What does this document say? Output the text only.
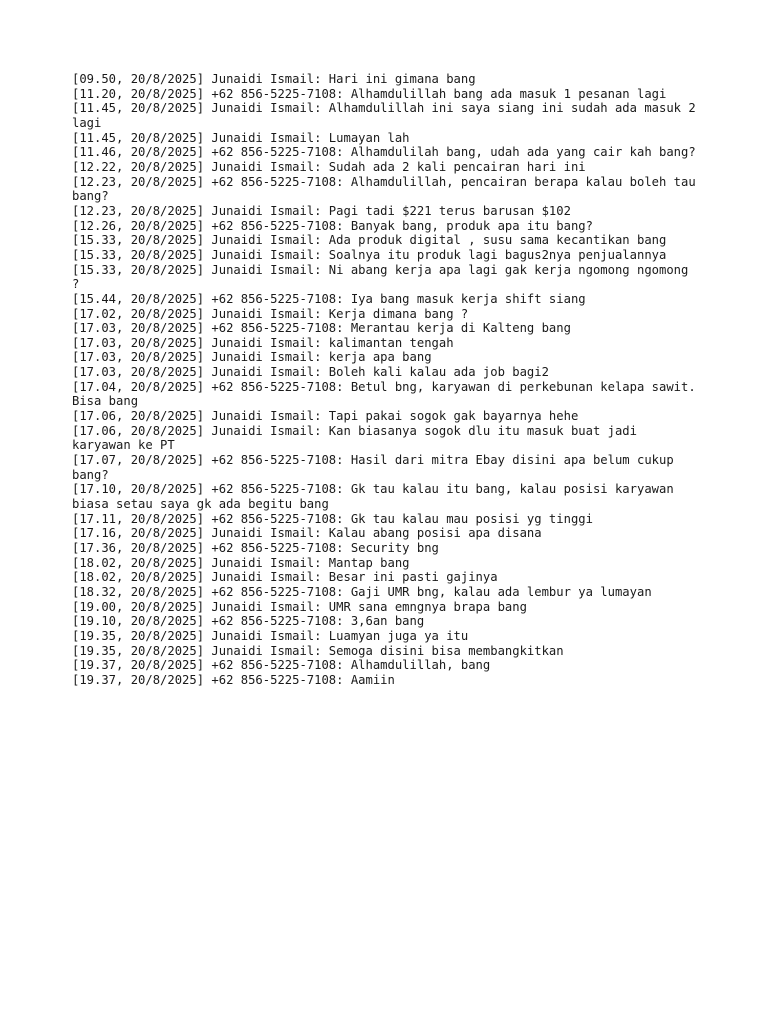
[09.50, 20/8/2025] Junaidi Ismail: Hari ini gimana bang
[11.20, 20/8/2025] +62 856-5225-7108: Alhamdulillah bang ada masuk 1 pesanan lagi
[11.45, 20/8/2025] Junaidi Ismail: Alhamdulillah ini saya siang ini sudah ada masuk 2 lagi
[11.45, 20/8/2025] Junaidi Ismail: Lumayan lah
[11.46, 20/8/2025] +62 856-5225-7108: Alhamdulilah bang, udah ada yang cair kah bang?
[12.22, 20/8/2025] Junaidi Ismail: Sudah ada 2 kali pencairan hari ini
[12.23, 20/8/2025] +62 856-5225-7108: Alhamdulillah, pencairan berapa kalau boleh tau bang?
[12.23, 20/8/2025] Junaidi Ismail: Pagi tadi $221 terus barusan $102
[12.26, 20/8/2025] +62 856-5225-7108: Banyak bang, produk apa itu bang?
[15.33, 20/8/2025] Junaidi Ismail: Ada produk digital , susu sama kecantikan bang
[15.33, 20/8/2025] Junaidi Ismail: Soalnya itu produk lagi bagus2nya penjualannya
[15.33, 20/8/2025] Junaidi Ismail: Ni abang kerja apa lagi gak kerja ngomong ngomong ?
[15.44, 20/8/2025] +62 856-5225-7108: Iya bang masuk kerja shift siang
[17.02, 20/8/2025] Junaidi Ismail: Kerja dimana bang ?
[17.03, 20/8/2025] +62 856-5225-7108: Merantau kerja di Kalteng bang
[17.03, 20/8/2025] Junaidi Ismail: kalimantan tengah
[17.03, 20/8/2025] Junaidi Ismail: kerja apa bang
[17.03, 20/8/2025] Junaidi Ismail: Boleh kali kalau ada job bagi2
[17.04, 20/8/2025] +62 856-5225-7108: Betul bng, karyawan di perkebunan kelapa sawit. Bisa bang
[17.06, 20/8/2025] Junaidi Ismail: Tapi pakai sogok gak bayarnya hehe
[17.06, 20/8/2025] Junaidi Ismail: Kan biasanya sogok dlu itu masuk buat jadi karyawan ke PT
[17.07, 20/8/2025] +62 856-5225-7108: Hasil dari mitra Ebay disini apa belum cukup bang?
[17.10, 20/8/2025] +62 856-5225-7108: Gk tau kalau itu bang, kalau posisi karyawan biasa setau saya gk ada begitu bang
[17.11, 20/8/2025] +62 856-5225-7108: Gk tau kalau mau posisi yg tinggi
[17.16, 20/8/2025] Junaidi Ismail: Kalau abang posisi apa disana
[17.36, 20/8/2025] +62 856-5225-7108: Security bng
[18.02, 20/8/2025] Junaidi Ismail: Mantap bang
[18.02, 20/8/2025] Junaidi Ismail: Besar ini pasti gajinya
[18.32, 20/8/2025] +62 856-5225-7108: Gaji UMR bng, kalau ada lembur ya lumayan
[19.00, 20/8/2025] Junaidi Ismail: UMR sana emngnya brapa bang
[19.10, 20/8/2025] +62 856-5225-7108: 3,6an bang
[19.35, 20/8/2025] Junaidi Ismail: Luamyan juga ya itu
[19.35, 20/8/2025] Junaidi Ismail: Semoga disini bisa membangkitkan
[19.37, 20/8/2025] +62 856-5225-7108: Alhamdulillah, bang
[19.37, 20/8/2025] +62 856-5225-7108: Aamiin
